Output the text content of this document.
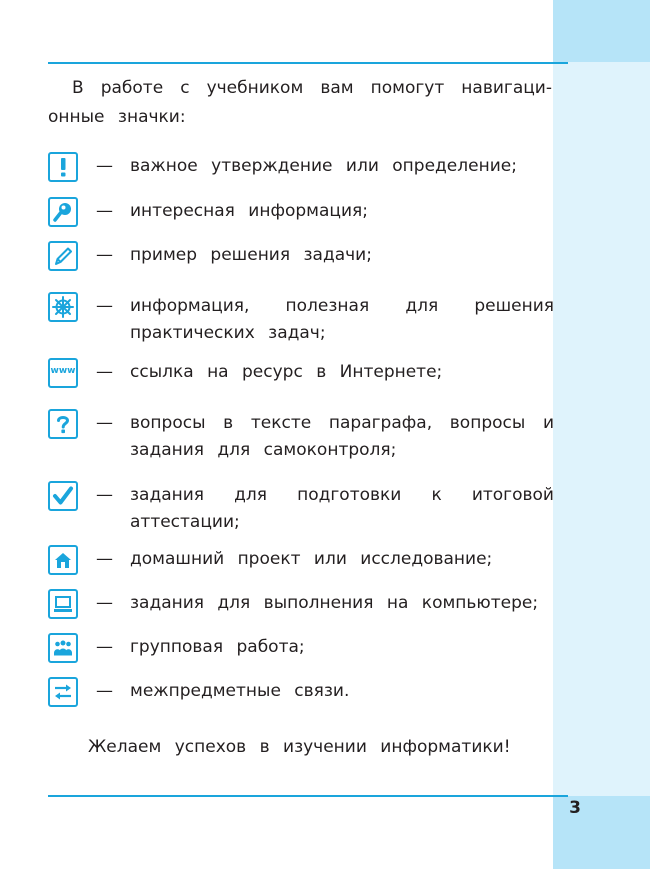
В работе с учебником вам помогут навигаци-
онные значки:
— важное утверждение или определение;
— интересная информация;
— пример решения задачи;
— информация, полезная для решения
практических задач;
www — ссылка на ресурс в Интернете;
— вопросы в тексте параграфа, вопросы и
задания для самоконтроля;
— задания для подготовки к итоговой
аттестации;
— домашний проект или исследование;
— задания для выполнения на компьютере;
— групповая работа;
— межпредметные связи.
Желаем успехов в изучении информатики!
3
